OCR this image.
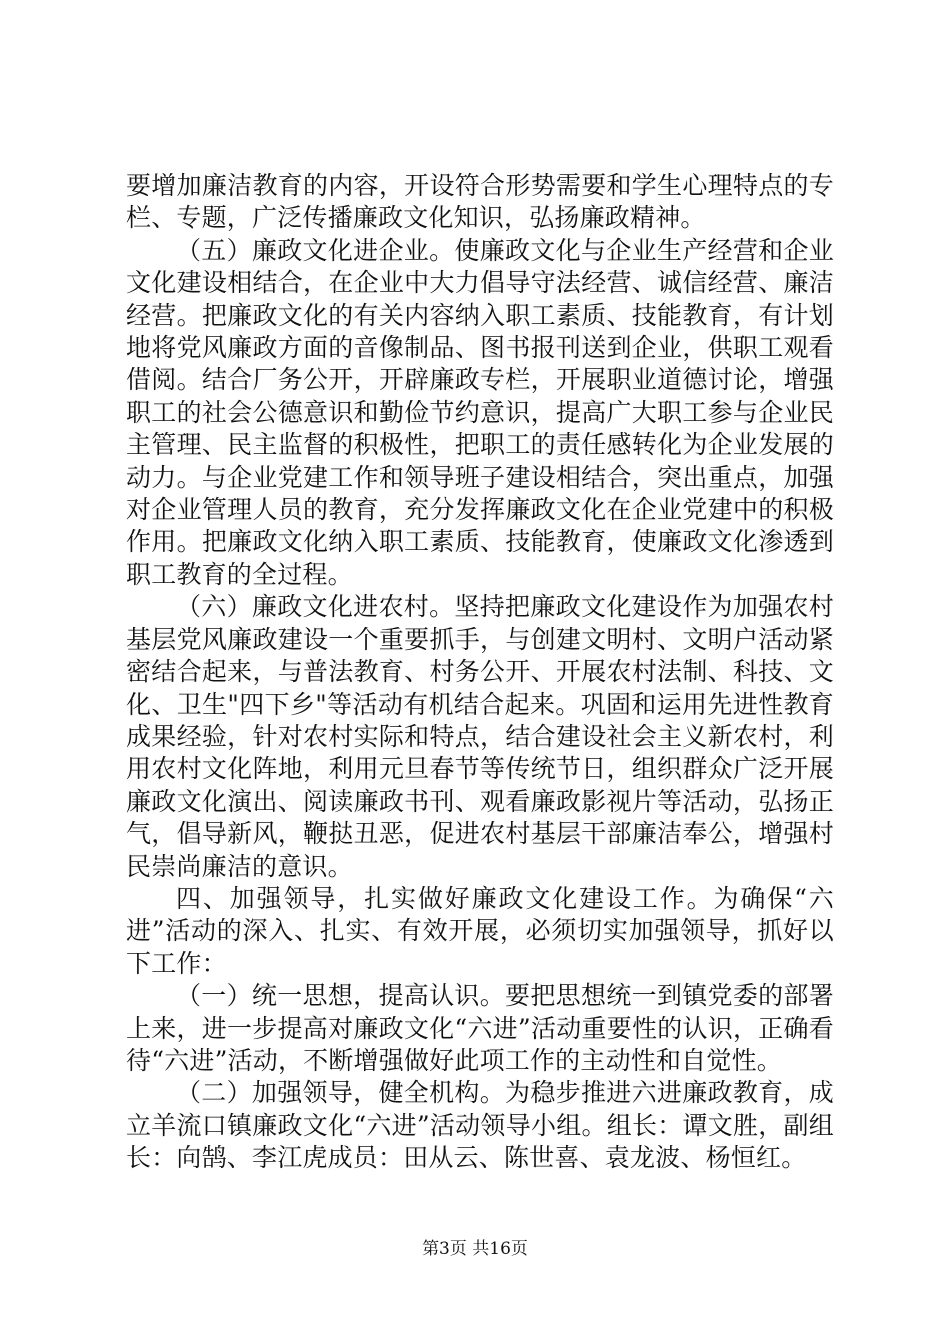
要增加廉洁教育的内容，开设符合形势需要和学生心理特点的专栏、专题，广泛传播廉政文化知识，弘扬廉政精神。

（五）廉政文化进企业。使廉政文化与企业生产经营和企业文化建设相结合，在企业中大力倡导守法经营、诚信经营、廉洁经营。把廉政文化的有关内容纳入职工素质、技能教育，有计划地将党风廉政方面的音像制品、图书报刊送到企业，供职工观看借阅。结合厂务公开，开辟廉政专栏，开展职业道德讨论，增强职工的社会公德意识和勤俭节约意识，提高广大职工参与企业民主管理、民主监督的积极性，把职工的责任感转化为企业发展的动力。与企业党建工作和领导班子建设相结合，突出重点，加强对企业管理人员的教育，充分发挥廉政文化在企业党建中的积极作用。把廉政文化纳入职工素质、技能教育，使廉政文化渗透到职工教育的全过程。

（六）廉政文化进农村。坚持把廉政文化建设作为加强农村基层党风廉政建设一个重要抓手，与创建文明村、文明户活动紧密结合起来，与普法教育、村务公开、开展农村法制、科技、文化、卫生"四下乡"等活动有机结合起来。巩固和运用先进性教育成果经验，针对农村实际和特点，结合建设社会主义新农村，利用农村文化阵地，利用元旦春节等传统节日，组织群众广泛开展廉政文化演出、阅读廉政书刊、观看廉政影视片等活动，弘扬正气，倡导新风，鞭挞丑恶，促进农村基层干部廉洁奉公，增强村民崇尚廉洁的意识。

四、加强领导，扎实做好廉政文化建设工作。为确保“六进”活动的深入、扎实、有效开展，必须切实加强领导，抓好以下工作：

（一）统一思想，提高认识。要把思想统一到镇党委的部署上来，进一步提高对廉政文化“六进”活动重要性的认识，正确看待“六进”活动，不断增强做好此项工作的主动性和自觉性。

（二）加强领导，健全机构。为稳步推进六进廉政教育，成立羊流口镇廉政文化“六进”活动领导小组。组长：谭文胜，副组长：向鹄、李江虎成员：田从云、陈世喜、袁龙波、杨恒红。

第3页 共16页
